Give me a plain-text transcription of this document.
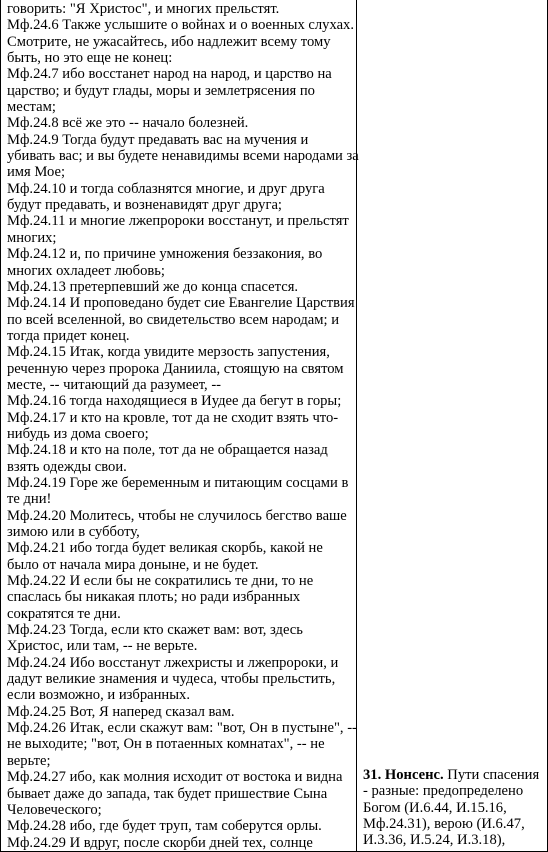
говорить: "Я Христос", и многих прельстят.
Мф.24.6 Также услышите о войнах и о военных слухах.
Смотрите, не ужасайтесь, ибо надлежит всему тому
быть, но это еще не конец:
Мф.24.7 ибо восстанет народ на народ, и царство на
царство; и будут глады, моры и землетрясения по
местам;
Мф.24.8 всё же это -- начало болезней.
Мф.24.9 Тогда будут предавать вас на мучения и
убивать вас; и вы будете ненавидимы всеми народами за
имя Мое;
Мф.24.10 и тогда соблазнятся многие, и друг друга
будут предавать, и возненавидят друг друга;
Мф.24.11 и многие лжепророки восстанут, и прельстят
многих;
Мф.24.12 и, по причине умножения беззакония, во
многих охладеет любовь;
Мф.24.13 претерпевший же до конца спасется.
Мф.24.14 И проповедано будет сие Евангелие Царствия
по всей вселенной, во свидетельство всем народам; и
тогда придет конец.
Мф.24.15 Итак, когда увидите мерзость запустения,
реченную через пророка Даниила, стоящую на святом
месте, -- читающий да разумеет, --
Мф.24.16 тогда находящиеся в Иудее да бегут в горы;
Мф.24.17 и кто на кровле, тот да не сходит взять что-
нибудь из дома своего;
Мф.24.18 и кто на поле, тот да не обращается назад
взять одежды свои.
Мф.24.19 Горе же беременным и питающим сосцами в
те дни!
Мф.24.20 Молитесь, чтобы не случилось бегство ваше
зимою или в субботу,
Мф.24.21 ибо тогда будет великая скорбь, какой не
было от начала мира доныне, и не будет.
Мф.24.22 И если бы не сократились те дни, то не
спаслась бы никакая плоть; но ради избранных
сократятся те дни.
Мф.24.23 Тогда, если кто скажет вам: вот, здесь
Христос, или там, -- не верьте.
Мф.24.24 Ибо восстанут лжехристы и лжепророки, и
дадут великие знамения и чудеса, чтобы прельстить,
если возможно, и избранных.
Мф.24.25 Вот, Я наперед сказал вам.
Мф.24.26 Итак, если скажут вам: "вот, Он в пустыне", --
не выходите; "вот, Он в потаенных комнатах", -- не
верьте;
Мф.24.27 ибо, как молния исходит от востока и видна
бывает даже до запада, так будет пришествие Сына
Человеческого;
Мф.24.28 ибо, где будет труп, там соберутся орлы.
Мф.24.29 И вдруг, после скорби дней тех, солнце

31. Нонсенс. Пути спасения
- разные: предопределено
Богом (И.6.44, И.15.16,
Мф.24.31), верою (И.6.47,
И.3.36, И.5.24, И.3.18),
